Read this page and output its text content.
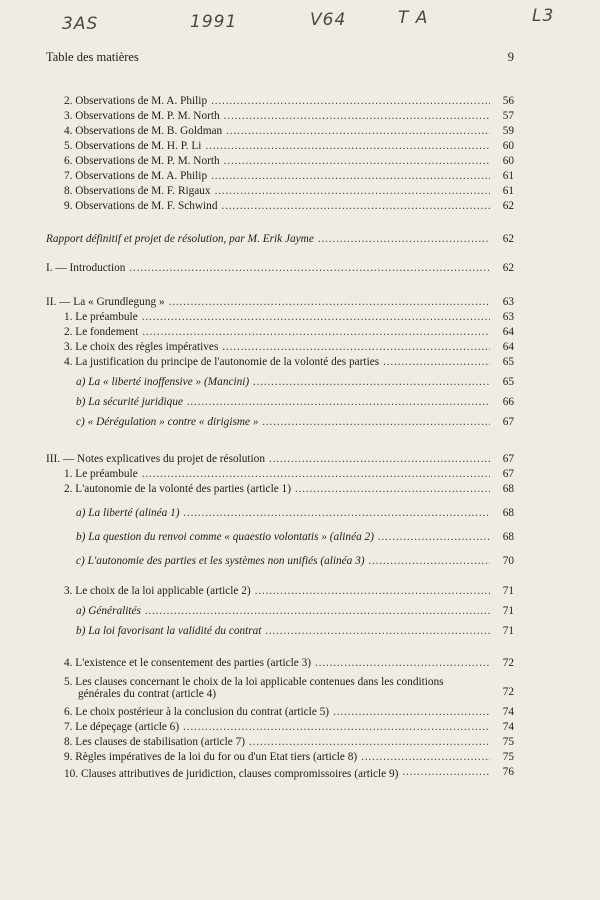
3AS	1991	V64	T A	L3
Table des matières	9
2. Observations de M. A. Philip . . .	56
3. Observations de M. P. M. North . . .	57
4. Observations de M. B. Goldman . . .	59
5. Observations de M. H. P. Li . . .	60
6. Observations de M. P. M. North . . .	60
7. Observations de M. A. Philip . . .	61
8. Observations de M. F. Rigaux . . .	61
9. Observations de M. F. Schwind . . .	62
Rapport définitif et projet de résolution, par M. Erik Jayme . . .	62
I. — Introduction . . .	62
II. — La « Grundlegung » . . .	63
1. Le préambule . . .	63
2. Le fondement . . .	64
3. Le choix des règles impératives . . .	64
4. La justification du principe de l'autonomie de la volonté des parties . . .	65
a) La « liberté inoffensive » (Mancini) . . .	65
b) La sécurité juridique . . .	66
c) « Dérégulation » contre « dirigisme » . . .	67
III. — Notes explicatives du projet de résolution . . .	67
1. Le préambule . . .	67
2. L'autonomie de la volonté des parties (article 1) . . .	68
a) La liberté (alinéa 1) . . .	68
b) La question du renvoi comme « quaestio volontatis » (alinéa 2) . . .	68
c) L'autonomie des parties et les systèmes non unifiés (alinéa 3) . . .	70
3. Le choix de la loi applicable (article 2) . . .	71
a) Généralités . . .	71
b) La loi favorisant la validité du contrat . . .	71
4. L'existence et le consentement des parties (article 3) . . .	72
5. Les clauses concernant le choix de la loi applicable contenues dans les conditions générales du contrat (article 4)	72
6. Le choix postérieur à la conclusion du contrat (article 5) . . .	74
7. Le dépeçage (article 6) . . .	74
8. Les clauses de stabilisation (article 7) . . .	75
9. Règles impératives de la loi du for ou d'un Etat tiers (article 8) . . .	75
10. Clauses attributives de juridiction, clauses compromissoires (article 9) . . .	76
